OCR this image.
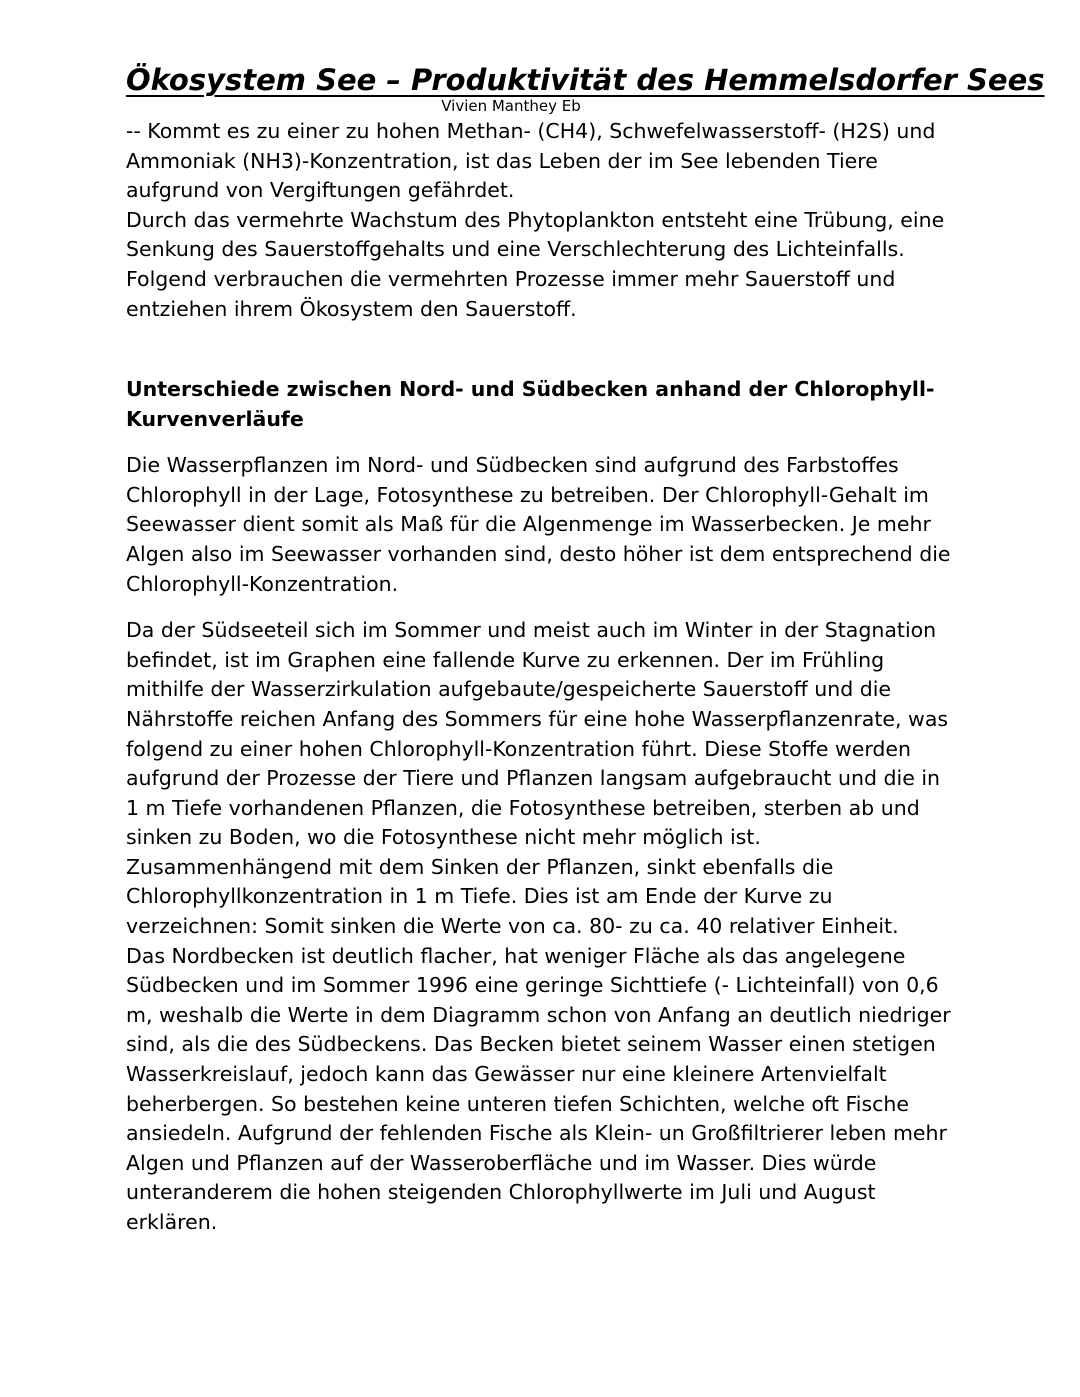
Ökosystem See – Produktivität des Hemmelsdorfer Sees
Vivien Manthey Eb

-- Kommt es zu einer zu hohen Methan- (CH4), Schwefelwasserstoff- (H2S) und Ammoniak (NH3)-Konzentration, ist das Leben der im See lebenden Tiere aufgrund von Vergiftungen gefährdet.

Durch das vermehrte Wachstum des Phytoplankton entsteht eine Trübung, eine Senkung des Sauerstoffgehalts und eine Verschlechterung des Lichteinfalls. Folgend verbrauchen die vermehrten Prozesse immer mehr Sauerstoff und entziehen ihrem Ökosystem den Sauerstoff.

Unterschiede zwischen Nord- und Südbecken anhand der Chlorophyll-Kurvenverläufe

Die Wasserpflanzen im Nord- und Südbecken sind aufgrund des Farbstoffes Chlorophyll in der Lage, Fotosynthese zu betreiben. Der Chlorophyll-Gehalt im Seewasser dient somit als Maß für die Algenmenge im Wasserbecken. Je mehr Algen also im Seewasser vorhanden sind, desto höher ist dem entsprechend die Chlorophyll-Konzentration.

Da der Südseeteil sich im Sommer und meist auch im Winter in der Stagnation befindet, ist im Graphen eine fallende Kurve zu erkennen. Der im Frühling mithilfe der Wasserzirkulation aufgebaute/gespeicherte Sauerstoff und die Nährstoffe reichen Anfang des Sommers für eine hohe Wasserpflanzenrate, was folgend zu einer hohen Chlorophyll-Konzentration führt. Diese Stoffe werden aufgrund der Prozesse der Tiere und Pflanzen langsam aufgebraucht und die in 1 m Tiefe vorhandenen Pflanzen, die Fotosynthese betreiben, sterben ab und sinken zu Boden, wo die Fotosynthese nicht mehr möglich ist. Zusammenhängend mit dem Sinken der Pflanzen, sinkt ebenfalls die Chlorophyllkonzentration in 1 m Tiefe. Dies ist am Ende der Kurve zu verzeichnen: Somit sinken die Werte von ca. 80- zu ca. 40 relativer Einheit.

Das Nordbecken ist deutlich flacher, hat weniger Fläche als das angelegene Südbecken und im Sommer 1996 eine geringe Sichttiefe (- Lichteinfall) von 0,6 m, weshalb die Werte in dem Diagramm schon von Anfang an deutlich niedriger sind, als die des Südbeckens. Das Becken bietet seinem Wasser einen stetigen Wasserkreislauf, jedoch kann das Gewässer nur eine kleinere Artenvielfalt beherbergen. So bestehen keine unteren tiefen Schichten, welche oft Fische ansiedeln. Aufgrund der fehlenden Fische als Klein- un Großfiltrierer leben mehr Algen und Pflanzen auf der Wasseroberfläche und im Wasser. Dies würde unteranderem die hohen steigenden Chlorophyllwerte im Juli und August erklären.
